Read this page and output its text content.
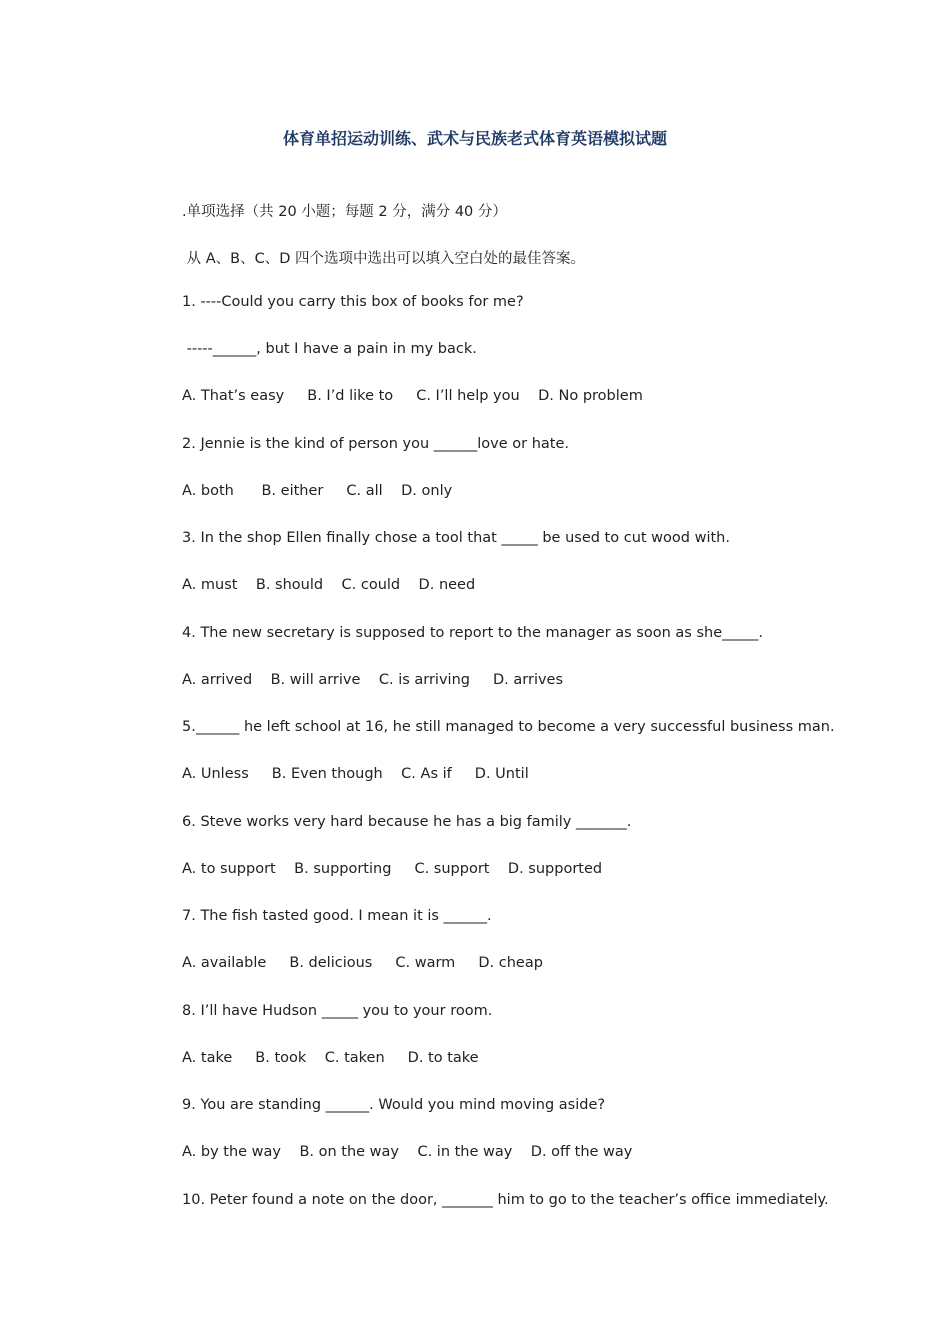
体育单招运动训练、武术与民族老式体育英语模拟试题

.单项选择（共 20 小题；每题 2 分，满分 40 分）

从 A、B、C、D 四个选项中选出可以填入空白处的最佳答案。

1. ----Could you carry this box of books for me?

-----______, but I have a pain in my back.

A. That’s easy     B. I’d like to     C. I’ll help you    D. No problem

2. Jennie is the kind of person you ______love or hate.

A. both      B. either     C. all    D. only

3. In the shop Ellen finally chose a tool that _____ be used to cut wood with.

A. must    B. should    C. could    D. need

4. The new secretary is supposed to report to the manager as soon as she_____.

A. arrived    B. will arrive    C. is arriving     D. arrives

5.______ he left school at 16, he still managed to become a very successful business man.

A. Unless     B. Even though    C. As if     D. Until

6. Steve works very hard because he has a big family _______.

A. to support    B. supporting     C. support    D. supported

7. The fish tasted good. I mean it is ______.

A. available     B. delicious     C. warm     D. cheap

8. I’ll have Hudson _____ you to your room.

A. take     B. took    C. taken     D. to take

9. You are standing ______. Would you mind moving aside?

A. by the way    B. on the way    C. in the way    D. off the way

10. Peter found a note on the door, _______ him to go to the teacher’s office immediately.
